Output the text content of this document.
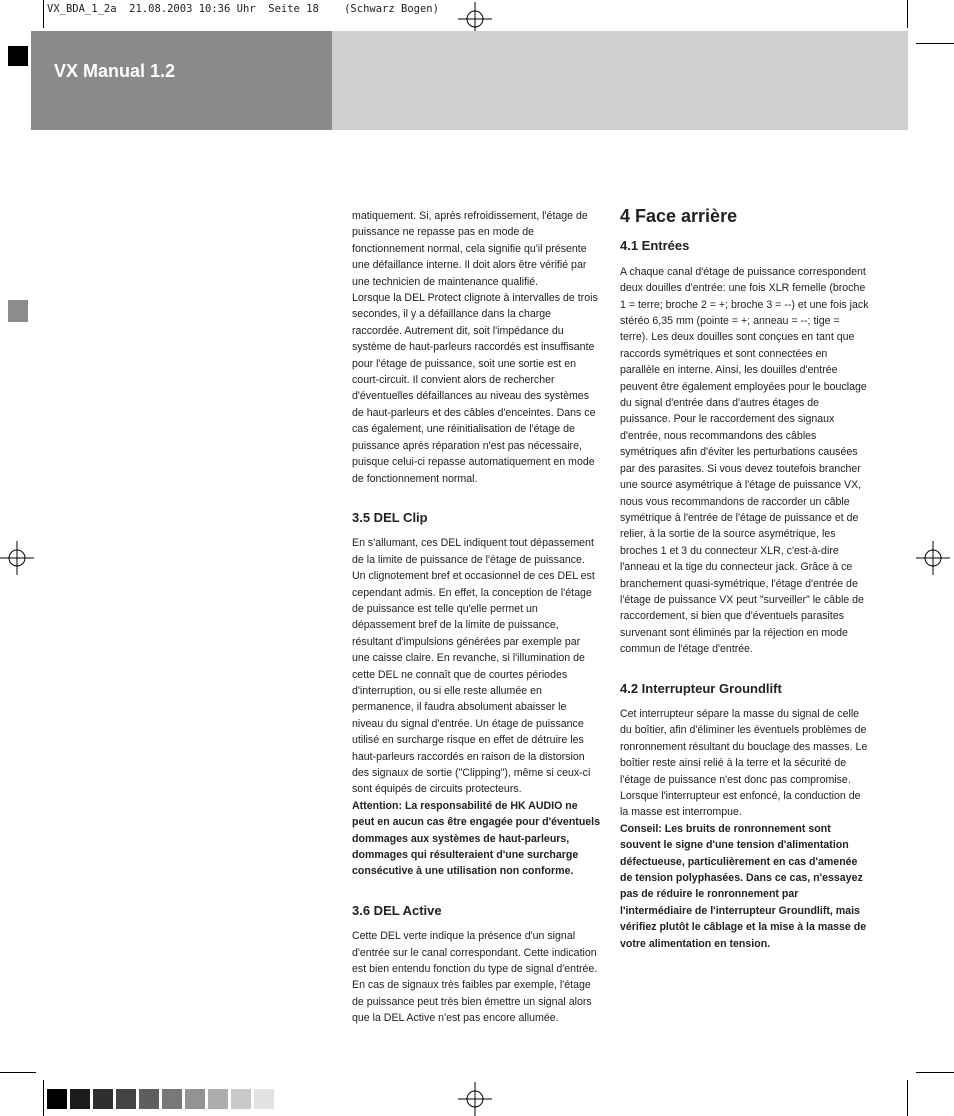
VX_BDA_1_2a  21.08.2003 10:36 Uhr  Seite 18    (Schwarz Bogen)
VX Manual 1.2

matiquement. Si, après refroidissement, l'étage de puissance ne repasse pas en mode de fonctionnement normal, cela signifie qu'il présente une défaillance interne. Il doit alors être vérifié par une technicien de maintenance qualifié.

Lorsque la DEL Protect clignote à intervalles de trois secondes, il y a défaillance dans la charge raccordée. Autrement dit, soit l'impédance du système de haut-parleurs raccordés est insuffisante pour l'étage de puissance, soit une sortie est en court-circuit. Il convient alors de rechercher d'éventuelles défaillances au niveau des systèmes de haut-parleurs et des câbles d'enceintes. Dans ce cas également, une réinitialisation de l'étage de puissance après réparation n'est pas nécessaire, puisque celui-ci repasse automatiquement en mode de fonctionnement normal.

3.5 DEL Clip

En s'allumant, ces DEL indiquent tout dépassement de la limite de puissance de l'étage de puissance. Un clignotement bref et occasionnel de ces DEL est cependant admis. En effet, la conception de l'étage de puissance est telle qu'elle permet un dépassement bref de la limite de puissance, résultant d'impulsions générées par exemple par une caisse claire. En revanche, si l'illumination de cette DEL ne connaît que de courtes périodes d'interruption, ou si elle reste allumée en permanence, il faudra absolument abaisser le niveau du signal d'entrée. Un étage de puissance utilisé en surcharge risque en effet de détruire les haut-parleurs raccordés en raison de la distorsion des signaux de sortie ("Clipping"), même si ceux-ci sont équipés de circuits protecteurs.

Attention: La responsabilité de HK AUDIO ne peut en aucun cas être engagée pour d'éventuels dommages aux systèmes de haut-parleurs, dommages qui résulteraient d'une surcharge consécutive à une utilisation non conforme.

3.6 DEL Active

Cette DEL verte indique la présence d'un signal d'entrée sur le canal correspondant. Cette indication est bien entendu fonction du type de signal d'entrée. En cas de signaux très faibles par exemple, l'étage de puissance peut très bien émettre un signal alors que la DEL Active n'est pas encore allumée.

4 Face arrière
4.1 Entrées

A chaque canal d'étage de puissance correspondent deux douilles d'entrée: une fois XLR femelle (broche 1 = terre; broche 2 = +; broche 3 = --) et une fois jack stéréo 6,35 mm (pointe = +; anneau = --; tige = terre). Les deux douilles sont conçues en tant que raccords symétriques et sont connectées en parallèle en interne. Ainsi, les douilles d'entrée peuvent être également employées pour le bouclage du signal d'entrée dans d'autres étages de puissance. Pour le raccordement des signaux d'entrée, nous recommandons des câbles symétriques afin d'éviter les perturbations causées par des parasites. Si vous devez toutefois brancher une source asymétrique à l'étage de puissance VX, nous vous recommandons de raccorder un câble symétrique à l'entrée de l'étage de puissance et de relier, à la sortie de la source asymétrique, les broches 1 et 3 du connecteur XLR, c'est-à-dire l'anneau et la tige du connecteur jack. Grâce à ce branchement quasi-symétrique, l'étage d'entrée de l'étage de puissance VX peut "surveiller" le câble de raccordement, si bien que d'éventuels parasites survenant sont éliminés par la réjection en mode commun de l'étage d'entrée.

4.2 Interrupteur Groundlift

Cet interrupteur sépare la masse du signal de celle du boîtier, afin d'éliminer les éventuels problèmes de ronronnement résultant du bouclage des masses. Le boîtier reste ainsi relié à la terre et la sécurité de l'étage de puissance n'est donc pas compromise. Lorsque l'interrupteur est enfoncé, la conduction de la masse est interrompue.

Conseil: Les bruits de ronronnement sont souvent le signe d'une tension d'alimentation défectueuse, particulièrement en cas d'amenée de tension polyphasées. Dans ce cas, n'essayez pas de réduire le ronronnement par l'intermédiaire de l'interrupteur Groundlift, mais vérifiez plutôt le câblage et la mise à la masse de votre alimentation en tension.
